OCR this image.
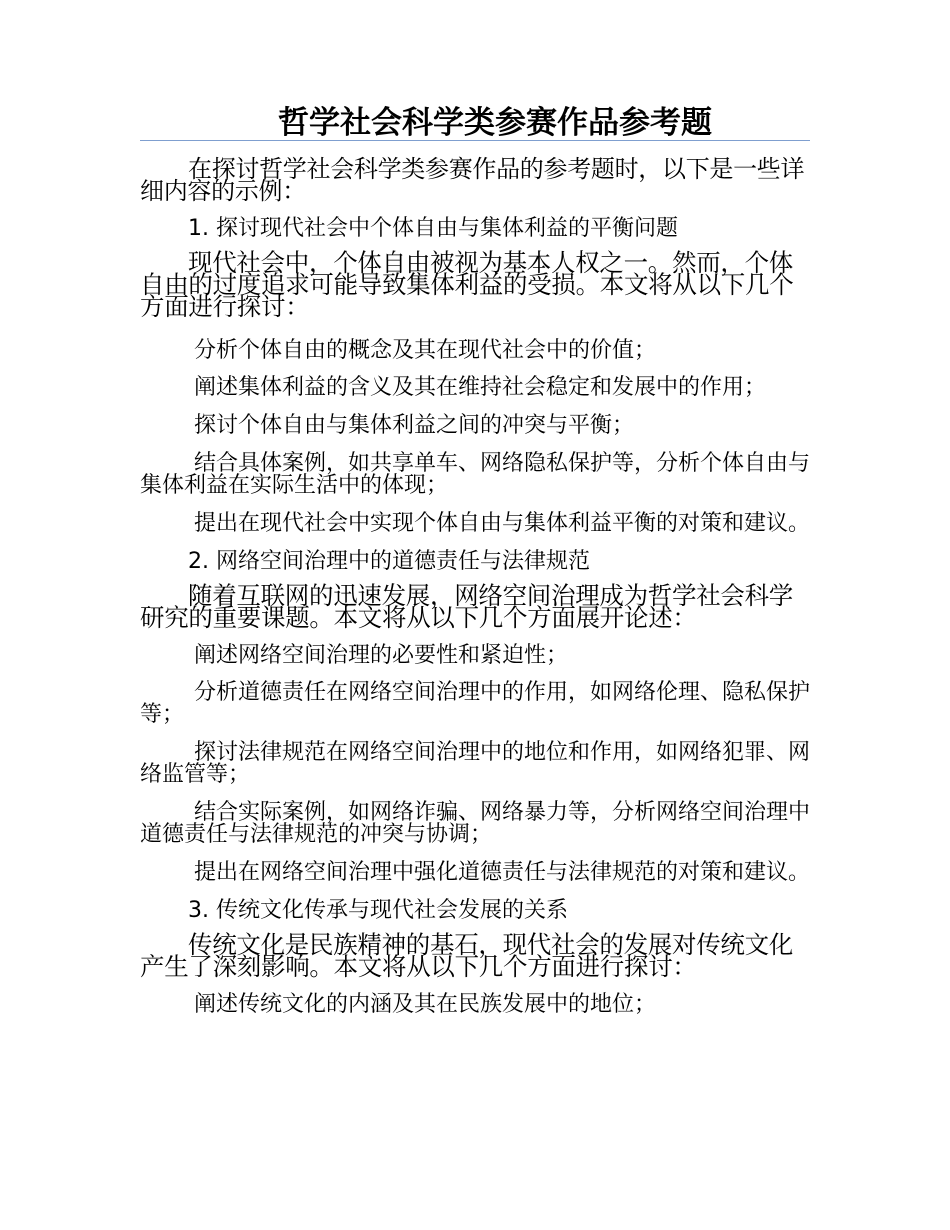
哲学社会科学类参赛作品参考题

在探讨哲学社会科学类参赛作品的参考题时，以下是一些详细内容的示例：

1. 探讨现代社会中个体自由与集体利益的平衡问题

现代社会中，个体自由被视为基本人权之一。然而，个体自由的过度追求可能导致集体利益的受损。本文将从以下几个方面进行探讨：

分析个体自由的概念及其在现代社会中的价值；

阐述集体利益的含义及其在维持社会稳定和发展中的作用；

探讨个体自由与集体利益之间的冲突与平衡；

结合具体案例，如共享单车、网络隐私保护等，分析个体自由与集体利益在实际生活中的体现；

提出在现代社会中实现个体自由与集体利益平衡的对策和建议。

2. 网络空间治理中的道德责任与法律规范

随着互联网的迅速发展，网络空间治理成为哲学社会科学研究的重要课题。本文将从以下几个方面展开论述：

阐述网络空间治理的必要性和紧迫性；

分析道德责任在网络空间治理中的作用，如网络伦理、隐私保护等；

探讨法律规范在网络空间治理中的地位和作用，如网络犯罪、网络监管等；

结合实际案例，如网络诈骗、网络暴力等，分析网络空间治理中道德责任与法律规范的冲突与协调；

提出在网络空间治理中强化道德责任与法律规范的对策和建议。

3. 传统文化传承与现代社会发展的关系

传统文化是民族精神的基石，现代社会的发展对传统文化产生了深刻影响。本文将从以下几个方面进行探讨：

阐述传统文化的内涵及其在民族发展中的地位；
